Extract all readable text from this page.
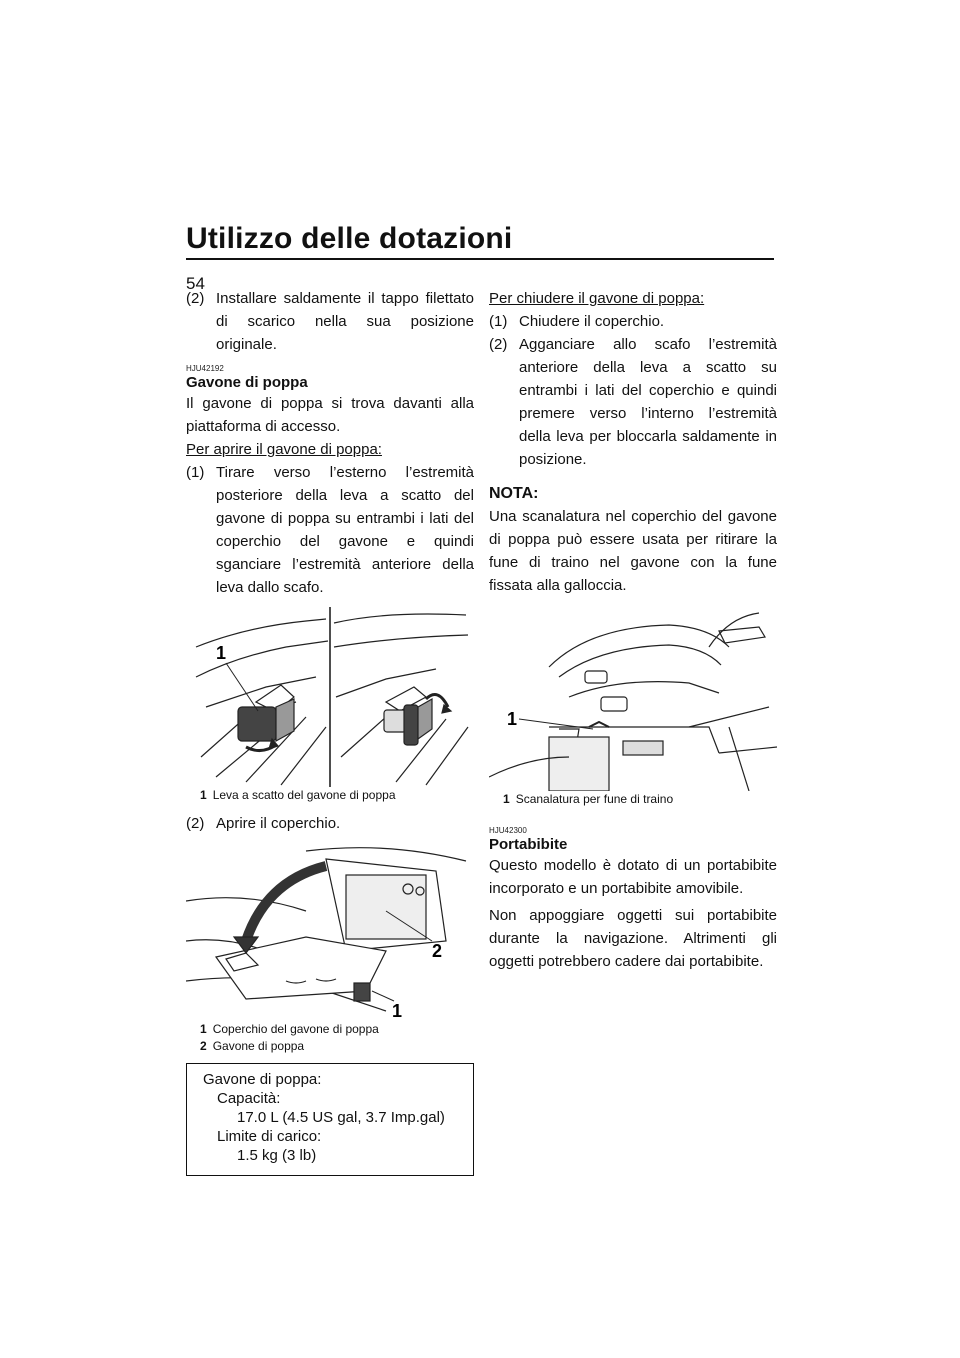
Utilizzo delle dotazioni
54
(2) Installare saldamente il tappo filettato di scarico nella sua posizione originale.
HJU42192
Gavone di poppa

Il gavone di poppa si trova davanti alla piattaforma di accesso.

Per aprire il gavone di poppa:

(1) Tirare verso l’esterno l’estremità posteriore della leva a scatto del gavone di poppa su entrambi i lati del coperchio del gavone e quindi sganciare l’estremità anteriore della leva dallo scafo.
1
1 Leva a scatto del gavone di poppa
(2) Aprire il coperchio.
2
1
1 Coperchio del gavone di poppa
2 Gavone di poppa
Gavone di poppa:
Capacità:
17.0 L (4.5 US gal, 3.7 Imp.gal)
Limite di carico:
1.5 kg (3 lb)

Per chiudere il gavone di poppa:

(1) Chiudere il coperchio.
(2) Agganciare allo scafo l’estremità anteriore della leva a scatto su entrambi i lati del coperchio e quindi premere verso l’interno l’estremità della leva per bloccarla saldamente in posizione.
NOTA:

Una scanalatura nel coperchio del gavone di poppa può essere usata per ritirare la fune di traino nel gavone con la fune fissata alla galloccia.

1
1 Scanalatura per fune di traino
HJU42300
Portabibite

Questo modello è dotato di un portabibite incorporato e un portabibite amovibile.

Non appoggiare oggetti sui portabibite durante la navigazione. Altrimenti gli oggetti potrebbero cadere dai portabibite.
